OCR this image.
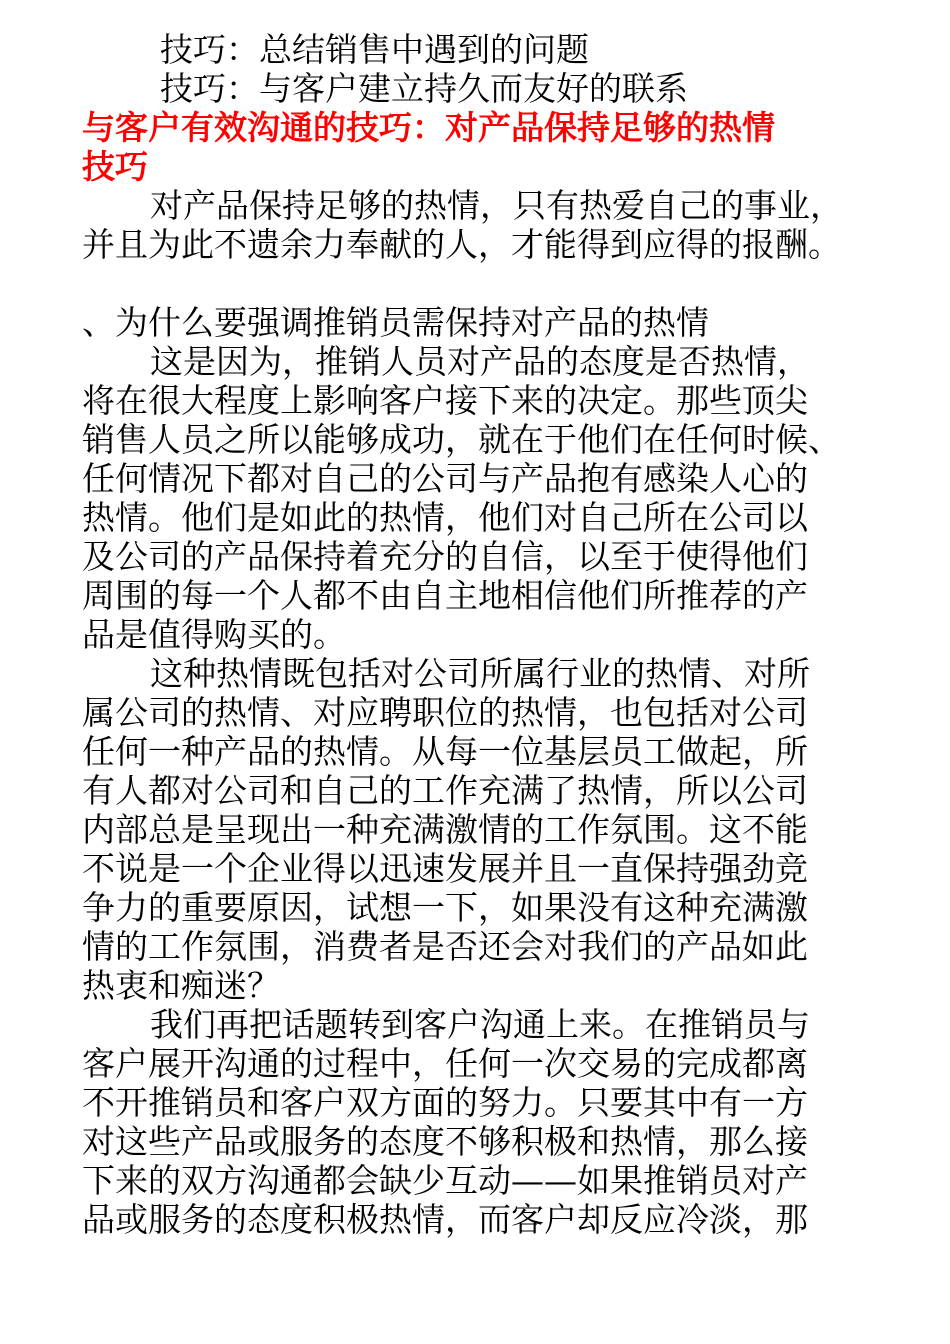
技巧：总结销售中遇到的问题
技巧：与客户建立持久而友好的联系
与客户有效沟通的技巧：对产品保持足够的热情
技巧
对产品保持足够的热情，只有热爱自己的事业，
并且为此不遗余力奉献的人，才能得到应得的报酬。
、为什么要强调推销员需保持对产品的热情
这是因为，推销人员对产品的态度是否热情，
将在很大程度上影响客户接下来的决定。那些顶尖
销售人员之所以能够成功，就在于他们在任何时候、
任何情况下都对自己的公司与产品抱有感染人心的
热情。他们是如此的热情，他们对自己所在公司以
及公司的产品保持着充分的自信，以至于使得他们
周围的每一个人都不由自主地相信他们所推荐的产
品是值得购买的。
这种热情既包括对公司所属行业的热情、对所
属公司的热情、对应聘职位的热情，也包括对公司
任何一种产品的热情。从每一位基层员工做起，所
有人都对公司和自己的工作充满了热情，所以公司
内部总是呈现出一种充满激情的工作氛围。这不能
不说是一个企业得以迅速发展并且一直保持强劲竞
争力的重要原因，试想一下，如果没有这种充满激
情的工作氛围，消费者是否还会对我们的产品如此
热衷和痴迷？
我们再把话题转到客户沟通上来。在推销员与
客户展开沟通的过程中，任何一次交易的完成都离
不开推销员和客户双方面的努力。只要其中有一方
对这些产品或服务的态度不够积极和热情，那么接
下来的双方沟通都会缺少互动——如果推销员对产
品或服务的态度积极热情，而客户却反应冷淡，那
